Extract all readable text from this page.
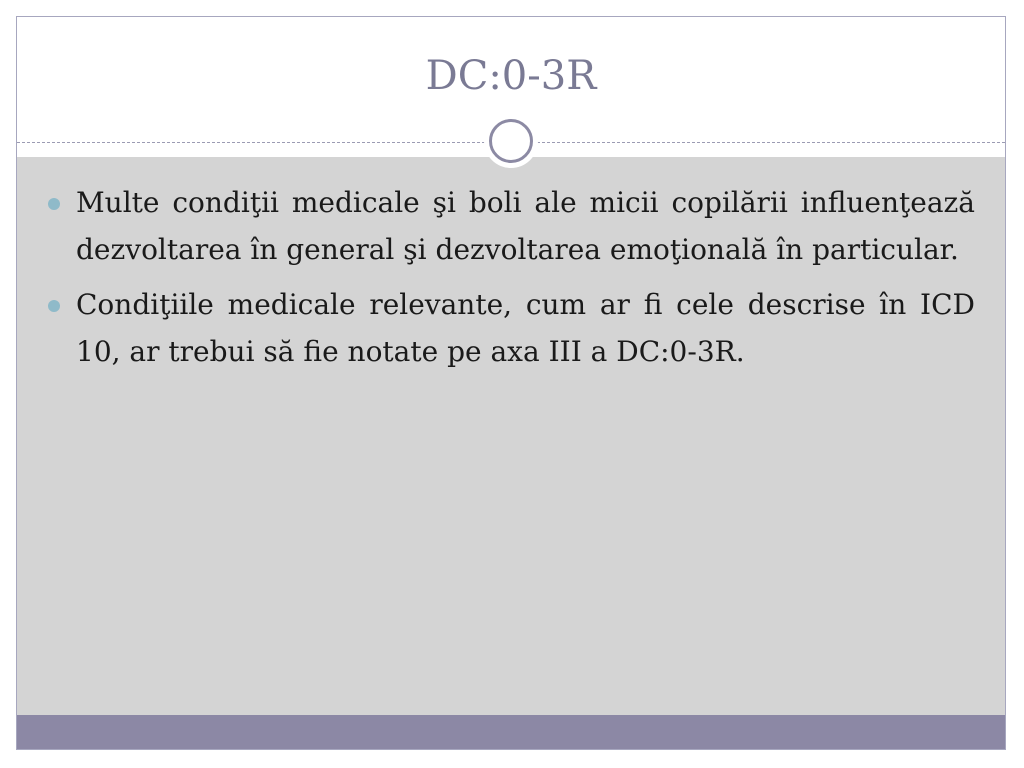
DC:0-3R
Multe condiţii medicale şi boli ale micii copilării influenţează dezvoltarea în general şi dezvoltarea emoţională în particular.
Condiţiile medicale relevante, cum ar fi cele descrise în ICD 10, ar trebui să fie notate pe axa III a DC:0-3R.
